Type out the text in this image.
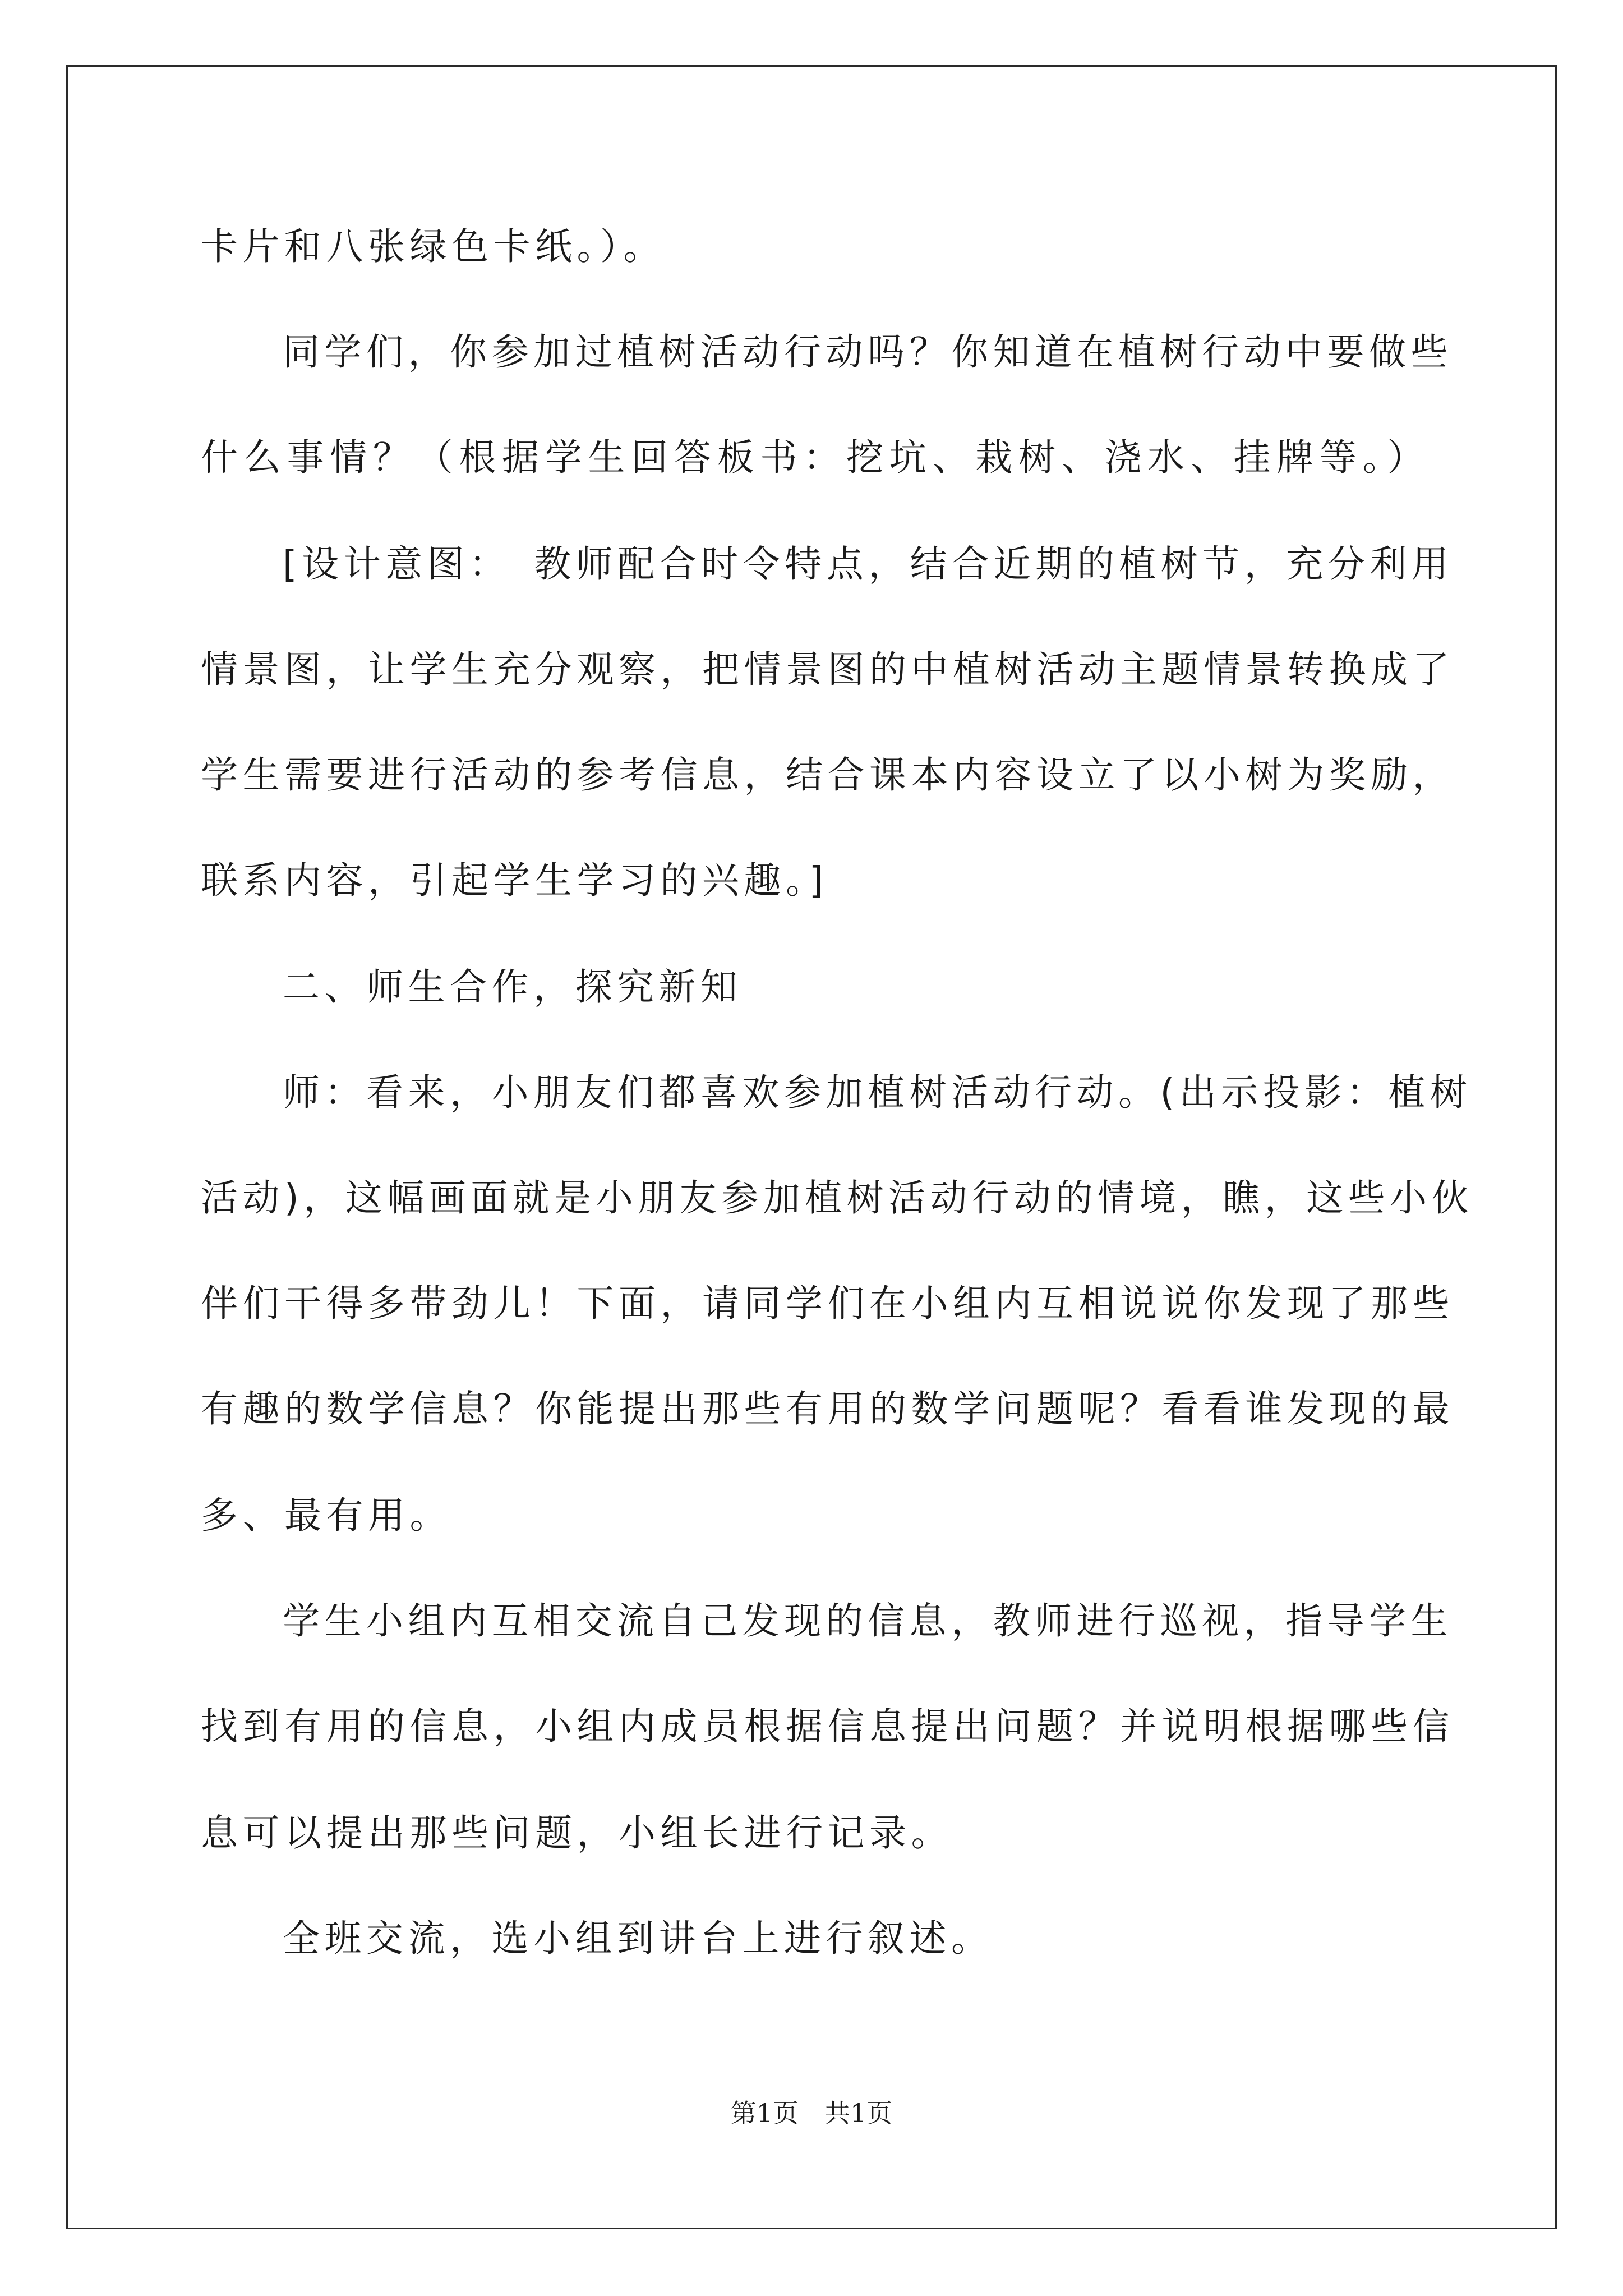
卡片和八张绿色卡纸。）。
同学们，你参加过植树活动行动吗？你知道在植树行动中要做些
什么事情？（根据学生回答板书：挖坑、栽树、浇水、挂牌等。）
[设计意图：　教师配合时令特点，结合近期的植树节，充分利用
情景图，让学生充分观察，把情景图的中植树活动主题情景转换成了
学生需要进行活动的参考信息，结合课本内容设立了以小树为奖励，
联系内容，引起学生学习的兴趣。]
二、师生合作，探究新知
师：看来，小朋友们都喜欢参加植树活动行动。(出示投影：植树
活动)，这幅画面就是小朋友参加植树活动行动的情境，瞧，这些小伙
伴们干得多带劲儿！下面，请同学们在小组内互相说说你发现了那些
有趣的数学信息？你能提出那些有用的数学问题呢？看看谁发现的最
多、最有用。
学生小组内互相交流自己发现的信息，教师进行巡视，指导学生
找到有用的信息，小组内成员根据信息提出问题？并说明根据哪些信
息可以提出那些问题，小组长进行记录。
全班交流，选小组到讲台上进行叙述。
第1页　共1页
